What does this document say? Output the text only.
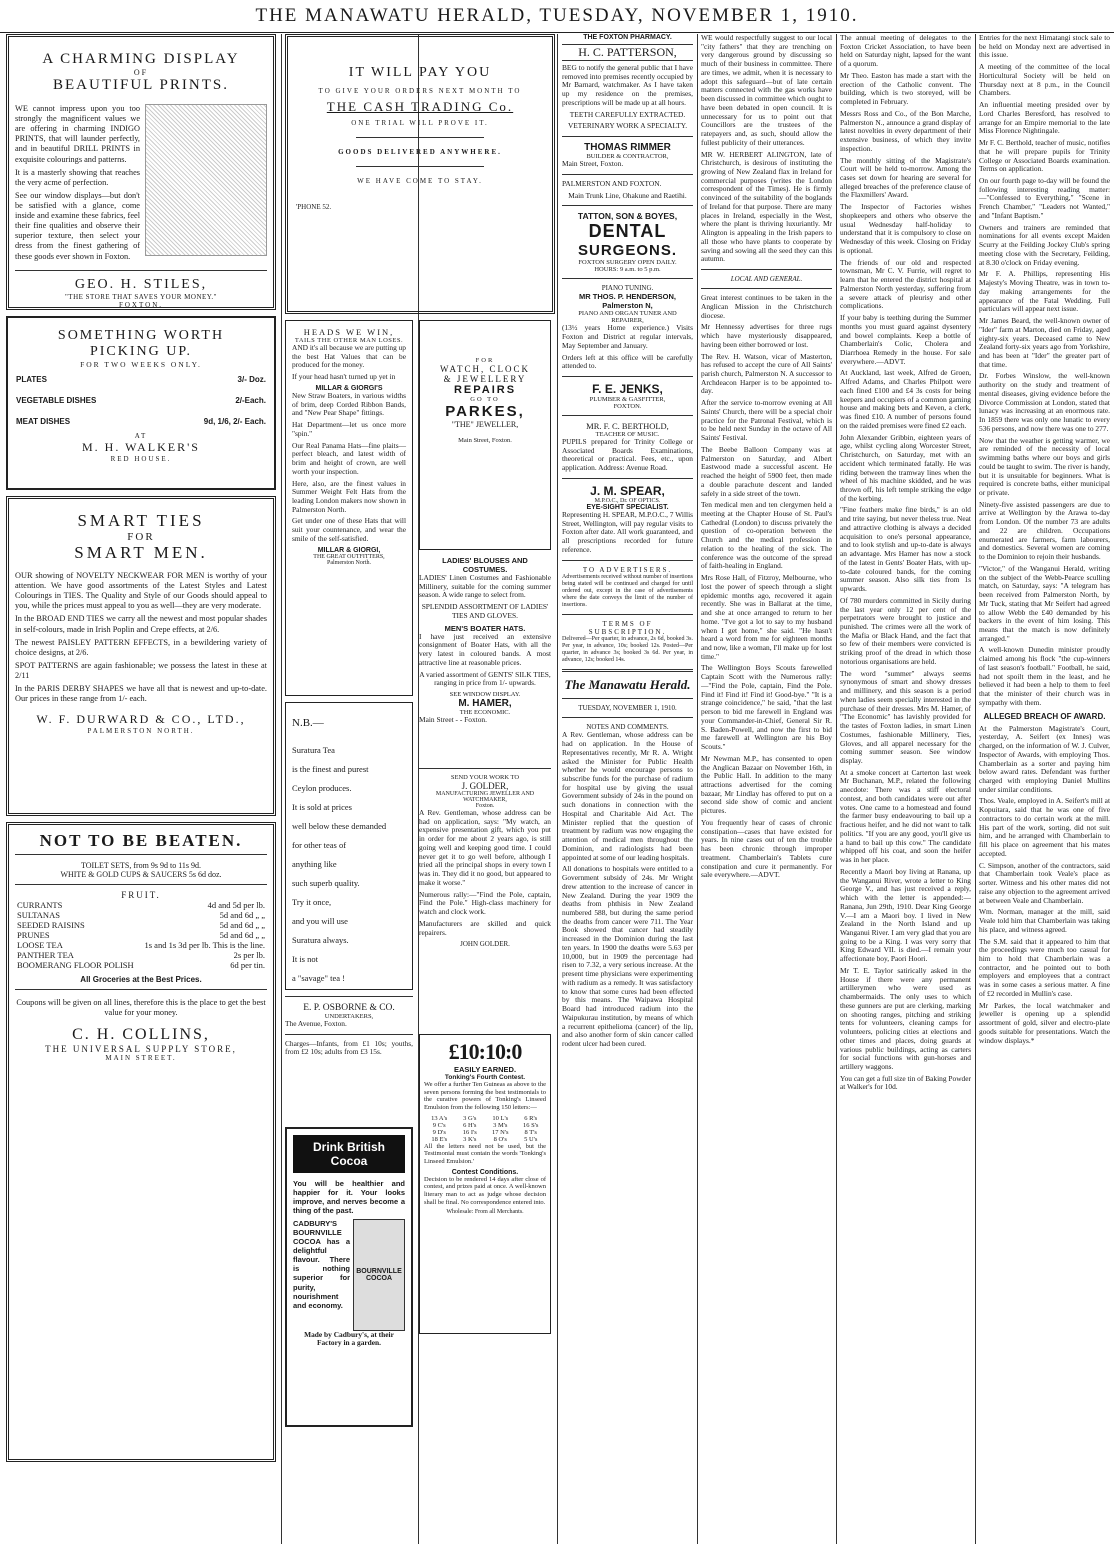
THE MANAWATU HERALD, TUESDAY, NOVEMBER 1, 1910.
A CHARMING DISPLAY
OF
BEAUTIFUL PRINTS.

WE cannot impress upon you too strongly the magnificent values we are offering in charming INDIGO PRINTS, that will launder perfectly, and in beautiful DRILL PRINTS in exquisite colourings and patterns.

It is a masterly showing that reaches the very acme of perfection.

See our window displays—but don't be satisfied with a glance, come inside and examine these fabrics, feel their fine qualities and observe their superior texture, then select your dress from the finest gathering of these goods ever shown in Foxton.

GEO. H. STILES,
"THE STORE THAT SAVES YOUR MONEY."
FOXTON.
SOMETHING WORTH
PICKING UP.
FOR TWO WEEKS ONLY.
PLATES	3/- Doz.
VEGETABLE DISHES	2/-Each.
MEAT DISHES	9d, 1/6, 2/- Each.
AT
M. H. WALKER'S
RED HOUSE.
SMART TIES
FOR
SMART MEN.

OUR showing of NOVELTY NECKWEAR FOR MEN is worthy of your attention. We have good assortments of the Latest Styles and Latest Colourings in TIES. The Quality and Style of our Goods should appeal to you, while the prices must appeal to you as well—they are very moderate.

In the BROAD END TIES we carry all the newest and most popular shades in self-colours, made in Irish Poplin and Crepe effects, at 2/6.

The newest PAISLEY PATTERN EFFECTS, in a bewildering variety of choice designs, at 2/6.

SPOT PATTERNS are again fashionable; we possess the latest in these at 2/11

In the PARIS DERBY SHAPES we have all that is newest and up-to-date. Our prices in these range from 1/- each.

W. F. DURWARD & CO., LTD.,
PALMERSTON NORTH.
NOT TO BE BEATEN.
TOILET SETS, from 9s 9d to 11s 9d.
WHITE & GOLD CUPS & SAUCERS 5s 6d doz.
FRUIT.
CURRANTS	4d and 5d per lb.
SULTANAS	5d and 6d „ „
SEEDED RAISINS	5d and 6d „ „
PRUNES	5d and 6d „ „
LOOSE TEA	1s and 1s 3d per lb. This is the line.
PANTHER TEA	2s per lb.
BOOMERANG FLOOR POLISH	6d per tin.
All Groceries at the Best Prices.

Coupons will be given on all lines, therefore this is the place to get the best value for your money.

C. H. COLLINS,
THE UNIVERSAL SUPPLY STORE,
MAIN STREET.
IT WILL PAY YOU
TO GIVE YOUR ORDERS NEXT MONTH TO
THE CASH TRADING Co.
ONE TRIAL WILL PROVE IT.
GOODS DELIVERED ANYWHERE.
WE HAVE COME TO STAY.
'PHONE 52.
HEADS WE WIN,
TAILS THE OTHER MAN LOSES.

AND it's all because we are putting up the best Hat Values that can be produced for the money.

If your head hasn't turned up yet in

MILLAR & GIORGI'S

New Straw Boaters, in various widths of brim, deep Corded Ribbon Bands, and "New Pear Shape" fittings.

Hat Department—let us once more "spin."

Our Real Panama Hats—fine plaits—perfect bleach, and latest width of brim and height of crown, are well worth your inspection.

Here, also, are the finest values in Summer Weight Felt Hats from the leading London makers now shown in Palmerston North.

Get under one of these Hats that will suit your countenance, and wear the smile of the self-satisfied.

MILLAR & GIORGI,
THE GREAT OUTFITTERS,
Palmerston North.
N.B.—
Suratura Tea
is the finest and purest
Ceylon produces.
It is sold at prices
well below these demanded
for other teas of
anything like
such superb quality.
Try it once,
and you will use
Suratura always.
It is not
a "savage" tea !
E. P. OSBORNE & CO.
UNDERTAKERS,
The Avenue, Foxton.

Charges—Infants, from £1 10s; youths, from £2 10s; adults from £3 15s.

Drink British Cocoa

You will be healthier and happier for it. Your looks improve, and nerves become a thing of the past.

CADBURY'S BOURNVILLE COCOA has a delightful flavour. There is nothing superior for purity, nourishment and economy.

BOURNVILLE COCOA

Made by Cadbury's, at their Factory in a garden.

FOR
WATCH, CLOCK
& JEWELLERY
REPAIRS
GO TO
PARKES,
"THE" JEWELLER,
Main Street, Foxton.
LADIES' BLOUSES AND COSTUMES.

LADIES' Linen Costumes and Fashionable Millinery, suitable for the coming summer season. A wide range to select from.

SPLENDID ASSORTMENT OF LADIES' TIES AND GLOVES.

MEN'S BOATER HATS.

I have just received an extensive consignment of Boater Hats, with all the very latest in coloured bands. A most attractive line at reasonable prices.

A varied assortment of GENTS' SILK TIES, ranging in price from 1/- upwards.

SEE WINDOW DISPLAY.
M. HAMER,
THE ECONOMIC.
Main Street - - Foxton.
SEND YOUR WORK TO
J. GOLDER,
MANUFACTURING JEWELLER AND WATCHMAKER,
Foxton.

A Rev. Gentleman, whose address can be had on application, says: "My watch, an expensive presentation gift, which you put in order for me about 2 years ago, is still going well and keeping good time. I could never get it to go well before, although I tried all the principal shops in every town I was in. They did it no good, but appeared to make it worse."

Numerous rally:—"Find the Pole, captain, Find the Pole." High-class machinery for watch and clock work.

Manufacturers are skilled and quick repairers.

JOHN GOLDER.
£10:10:0
EASILY EARNED.
Tonking's Fourth Contest.

We offer a further Ten Guineas as above to the seven persons forming the best testimonials to the curative powers of Tonking's Linseed Emulsion from the following 150 letters:—

13 A's	3 G's	10 L's	6 R's
9 C's	6 H's	3 M's	16 S's
9 D's	16 I's	17 N's	8 T's
18 E's	3 K's	8 O's	5 U's

All the letters need not be used, but the Testimonial must contain the words 'Tonking's Linseed Emulsion.'

Contest Conditions.

Decision to be rendered 14 days after close of contest, and prizes paid at once. A well-known literary man to act as judge whose decision shall be final. No correspondence entered into.

Wholesale: From all Merchants.
THE FOXTON PHARMACY.
H. C. PATTERSON,

BEG to notify the general public that I have removed into premises recently occupied by Mr Barnard, watchmaker. As I have taken up my residence on the premises, prescriptions will be made up at all hours.

TEETH CAREFULLY EXTRACTED.

VETERINARY WORK A SPECIALTY.

THOMAS RIMMER
BUILDER & CONTRACTOR,
Main Street, Foxton.
PALMERSTON AND FOXTON.
Main Trunk Line, Ohakune and Raetihi.
TATTON, SON & BOYES,
DENTAL
SURGEONS.
FOXTON SURGERY OPEN DAILY.
HOURS: 9 a.m. to 5 p.m.
PIANO TUNING.
MR THOS. P. HENDERSON, Palmerston N,
PIANO AND ORGAN TUNER AND REPAIRER,

(13½ years Home experience.) Visits Foxton and District at regular intervals, May September and January.

Orders left at this office will be carefully attended to.

F. E. JENKS,
PLUMBER & GASFITTER,
FOXTON.
MR. F. C. BERTHOLD,
TEACHER OF MUSIC.

PUPILS prepared for Trinity College or Associated Boards Examinations, theoretical or practical. Fees, etc., upon application. Address: Avenue Road.

J. M. SPEAR,
M.P.O.C., Dr. OF OPTICS.
EYE-SIGHT SPECIALIST.

Representing H. SPEAR, M.P.O.C., 7 Willis Street, Wellington, will pay regular visits to Foxton after date. All work guaranteed, and all prescriptions recorded for future reference.

TO ADVERTISERS.

Advertisements received without number of insertions being stated will be continued and charged for until ordered out, except in the case of advertisements where the date conveys the limit of the number of insertions.

TERMS OF SUBSCRIPTION.

Delivered—Per quarter, in advance, 2s 6d, booked 3s. Per year, in advance, 10s; booked 12s. Posted—Per quarter, in advance 3s; booked 3s 6d. Per year, in advance, 12s; booked 14s.

The Manawatu Herald.
TUESDAY, NOVEMBER 1, 1910.
NOTES AND COMMENTS.

A Rev. Gentleman, whose address can be had on application. In the House of Representatives recently, Mr R. A. Wright asked the Minister for Public Health whether he would encourage persons to subscribe funds for the purchase of radium for hospital use by giving the usual Government subsidy of 24s in the pound on such donations in connection with the Hospital and Charitable Aid Act. The Minister replied that the question of treatment by radium was now engaging the attention of medical men throughout the Dominion, and radiologists had been appointed at some of our leading hospitals.

All donations to hospitals were entitled to a Government subsidy of 24s. Mr Wright drew attention to the increase of cancer in New Zealand. During the year 1909 the deaths from phthisis in New Zealand numbered 588, but during the same period the deaths from cancer were 711. The Year Book showed that cancer had steadily increased in the Dominion during the last ten years. In 1900 the deaths were 5.63 per 10,000, but in 1909 the percentage had risen to 7.32, a very serious increase. At the present time physicians were experimenting with radium as a remedy. It was satisfactory to know that some cures had been effected by this means. The Waipawa Hospital Board had introduced radium into the Waipukurau institution, by means of which a recurrent epithelioma (cancer) of the lip, and also another form of skin cancer called rodent ulcer had been cured.

WE would respectfully suggest to our local "city fathers" that they are trenching on very dangerous ground by discussing so much of their business in committee. There are times, we admit, when it is necessary to adopt this safeguard—but of late certain matters connected with the gas works have been discussed in committee which ought to have been debated in open council. It is unnecessary for us to point out that Councillors are the trustees of the ratepayers and, as such, should allow the fullest publicity of their utterances.

MR W. HERBERT ALINGTON, late of Christchurch, is desirous of instituting the growing of New Zealand flax in Ireland for commercial purposes (writes the London correspondent of the Times). He is firmly convinced of the suitability of the boglands of Ireland for that purpose. There are many places in Ireland, especially in the West, where the plant is thriving luxuriantly. Mr Alington is appealing in the Irish papers to all those who have plants to cooperate by saving and sowing all the seed they can this autumn.

LOCAL AND GENERAL.

Great interest continues to be taken in the Anglican Mission in the Christchurch diocese.

Mr Hennessy advertises for three rugs which have mysteriously disappeared, having been either borrowed or lost.

The Rev. H. Watson, vicar of Masterton, has refused to accept the cure of All Saints' parish church, Palmerston N. A successor to Archdeacon Harper is to be appointed to-day.

After the service to-morrow evening at All Saints' Church, there will be a special choir practice for the Patronal Festival, which is to be held next Sunday in the octave of All Saints' Festival.

The Beebe Balloon Company was at Palmerston on Saturday, and Albert Eastwood made a successful ascent. He reached the height of 5900 feet, then made a double parachute descent and landed safely in a side street of the town.

Ten medical men and ten clergymen held a meeting at the Chapter House of St. Paul's Cathedral (London) to discuss privately the question of co-operation between the Church and the medical profession in relation to the healing of the sick. The conference was the outcome of the spread of faith-healing in England.

Mrs Rose Hall, of Fitzroy, Melbourne, who lost the power of speech through a slight epidemic months ago, recovered it again recently. She was in Ballarat at the time, and she at once arranged to return to her home. "I've got a lot to say to my husband when I get home," she said. "He hasn't heard a word from me for eighteen months and now, like a woman, I'll make up for lost time."

The Wellington Boys Scouts farewelled Captain Scott with the Numerous rally:—"Find the Pole, captain, Find the Pole. Find it! Find it! Find it! Good-bye." "It is a strange coincidence," he said, "that the last person to bid me farewell in England was your Commander-in-Chief, General Sir R. S. Baden-Powell, and now the first to bid me farewell at Wellington are his Boy Scouts."

Mr Newman M.P., has consented to open the Anglican Bazaar on November 16th, in the Public Hall. In addition to the many attractions advertised for the coming bazaar, Mr Lindlay has offered to put on a second side show of comic and ancient pictures.

You frequently hear of cases of chronic constipation—cases that have existed for years. In nine cases out of ten the trouble has been chronic through improper treatment. Chamberlain's Tablets cure constipation and cure it permanently. For sale everywhere.—ADVT.

The annual meeting of delegates to the Foxton Cricket Association, to have been held on Saturday night, lapsed for the want of a quorum.

Mr Theo. Easton has made a start with the erection of the Catholic convent. The building, which is two storeyed, will be completed in February.

Messrs Ross and Co., of the Bon Marche, Palmerston N., announce a grand display of latest novelties in every department of their extensive business, of which they invite inspection.

The monthly sitting of the Magistrate's Court will be held to-morrow. Among the cases set down for hearing are several for alleged breaches of the preference clause of the Flaxmillers' Award.

The Inspector of Factories wishes shopkeepers and others who observe the usual Wednesday half-holiday to understand that it is compulsory to close on Wednesday of this week. Closing on Friday is optional.

The friends of our old and respected townsman, Mr C. V. Furrie, will regret to learn that he entered the district hospital at Palmerston North yesterday, suffering from a severe attack of pleurisy and other complications.

If your baby is teething during the Summer months you must guard against dysentery and bowel complaints. Keep a bottle of Chamberlain's Colic, Cholera and Diarrhoea Remedy in the house. For sale everywhere.—ADVT.

At Auckland, last week, Alfred de Groen, Alfred Adams, and Charles Philpott were each fined £100 and £4 3s costs for being keepers and occupiers of a common gaming house and making bets and Keven, a clerk, was fined £10. A number of persons found on the raided premises were fined £2 each.

John Alexander Gribbin, eighteen years of age, whilst cycling along Worcester Street, Christchurch, on Saturday, met with an accident which terminated fatally. He was riding between the tramway lines when the wheel of his machine skidded, and he was thrown off, his left temple striking the edge of the kerbing.

"Fine feathers make fine birds," is an old and trite saying, but never theless true. Neat and attractive clothing is always a decided acquisition to one's personal appearance, and to look stylish and up-to-date is always an advantage. Mrs Hamer has now a stock of the latest in Gents' Boater Hats, with up-to-date coloured bands, for the coming summer season. Also silk ties from 1s upwards.

Of 780 murders committed in Sicily during the last year only 12 per cent of the perpetrators were brought to justice and punished. The crimes were all the work of the Mafia or Black Hand, and the fact that so few of their members were convicted is striking proof of the dread in which those notorious organisations are held.

The word "summer" always seems synonymous of smart and showy dresses and millinery, and this season is a period when ladies seem specially interested in the purchase of their dresses. Mrs M. Hamer, of "The Economic" has lavishly provided for the tastes of Foxton ladies, in smart Linen Costumes, fashionable Millinery, Ties, Gloves, and all apparel necessary for the coming summer season. See window display.

At a smoke concert at Carterton last week Mr Buchanan, M.P., related the following anecdote: There was a stiff electoral contest, and both candidates were out after votes. One came to a homestead and found the farmer busy endeavouring to bail up a fractious heifer, and he did not want to talk politics. "If you are any good, you'll give us a hand to bail up this cow." The candidate whipped off his coat, and soon the heifer was in her place.

Recently a Maori boy living at Ranana, up the Wanganui River, wrote a letter to King George V., and has just received a reply, which with the letter is appended:—Ranana, Jun 29th, 1910. Dear King George V.—I am a Maori boy. I lived in New Zealand in the North Island and up Wanganui River. I am very glad that you are going to be a King. I was very sorry that King Edward VII. is died.—I remain your affectionate boy, Paori Hoori.

Mr T. E. Taylor satirically asked in the House if there were any permanent artillerymen who were used as chambermaids. The only uses to which these gunners are put are clerking, marking on shooting ranges, pitching and striking tents for volunteers, cleaning camps for volunteers, policing cities at elections and other times and places, doing guards at various public buildings, acting as carters for social functions with gun-horses and artillery waggons.

You can get a full size tin of Baking Powder at Walker's for 10d.

Entries for the next Himatangi stock sale to be held on Monday next are advertised in this issue.

A meeting of the committee of the local Horticultural Society will be held on Thursday next at 8 p.m., in the Council Chambers.

An influential meeting presided over by Lord Charles Beresford, has resolved to arrange for an Empire memorial to the late Miss Florence Nightingale.

Mr F. C. Berthold, teacher of music, notifies that he will prepare pupils for Trinity College or Associated Boards examination. Terms on application.

On our fourth page to-day will be found the following interesting reading matter:—"Confessed to Everything," "Scene in French Chamber," "Leaders not Wanted," and "Infant Baptism."

Owners and trainers are reminded that nominations for all events except Maiden Scurry at the Feilding Jockey Club's spring meeting close with the Secretary, Feilding, at 8.30 o'clock on Friday evening.

Mr F. A. Phillips, representing His Majesty's Moving Theatre, was in town to-day making arrangements for the appearance of the Fatal Wedding. Full particulars will appear next issue.

Mr James Beard, the well-known owner of "Ider" farm at Marton, died on Friday, aged eighty-six years. Deceased came to New Zealand forty-six years ago from Yorkshire, and has been at "Ider" the greater part of that time.

Dr. Forbes Winslow, the well-known authority on the study and treatment of mental diseases, giving evidence before the Divorce Commission at London, stated that lunacy was increasing at an enormous rate. In 1859 there was only one lunatic to every 536 persons, and now there was one to 277.

Now that the weather is getting warmer, we are reminded of the necessity of local swimming baths where our boys and girls could be taught to swim. The river is handy, but it is unsuitable for beginners. What is required is concrete baths, either municipal or private.

Ninety-five assisted passengers are due to arrive at Wellington by the Arawa to-day from London. Of the number 73 are adults and 22 are children. Occupations enumerated are farmers, farm labourers, and domestics. Several women are coming to the Dominion to rejoin their husbands.

"Victor," of the Wanganui Herald, writing on the subject of the Webb-Pearce sculling match, on Saturday, says: "A telegram has been received from Palmerston North, by Mr Tuck, stating that Mr Seifert had agreed to allow Webb the £40 demanded by his backers in the event of him losing. This means that the match is now definitely arranged."

A well-known Dunedin minister proudly claimed among his flock "the cup-winners of last season's football." Football, he said, had not spoilt them in the least, and he believed it had been a help to them to feel that the minister of their church was in sympathy with them.

ALLEGED BREACH OF AWARD.

At the Palmerston Magistrate's Court, yesterday, A. Seifert (ex Innes) was charged, on the information of W. J. Culver, Inspector of Awards, with employing Thos. Chamberlain as a sorter and paying him below award rates. Defendant was further charged with employing Daniel Mullins under similar conditions.

Thos. Veale, employed in A. Seifert's mill at Kopuitara, said that he was one of five contractors to do certain work at the mill. His part of the work, sorting, did not suit him, and he arranged with Chamberlain to fill his place on agreement that his mates accepted.

C. Simpson, another of the contractors, said that Chamberlain took Veale's place as sorter. Witness and his other mates did not raise any objection to the agreement arrived at between Veale and Chamberlain.

Wm. Norman, manager at the mill, said Veale told him that Chamberlain was taking his place, and witness agreed.

The S.M. said that it appeared to him that the proceedings were much too casual for him to hold that Chamberlain was a contractor, and he pointed out to both employers and employees that a contract was in some cases a serious matter. A fine of £2 recorded in Mullin's case.

Mr Parkes, the local watchmaker and jeweller is opening up a splendid assortment of gold, silver and electro-plate goods suitable for presentations. Watch the window displays.*
